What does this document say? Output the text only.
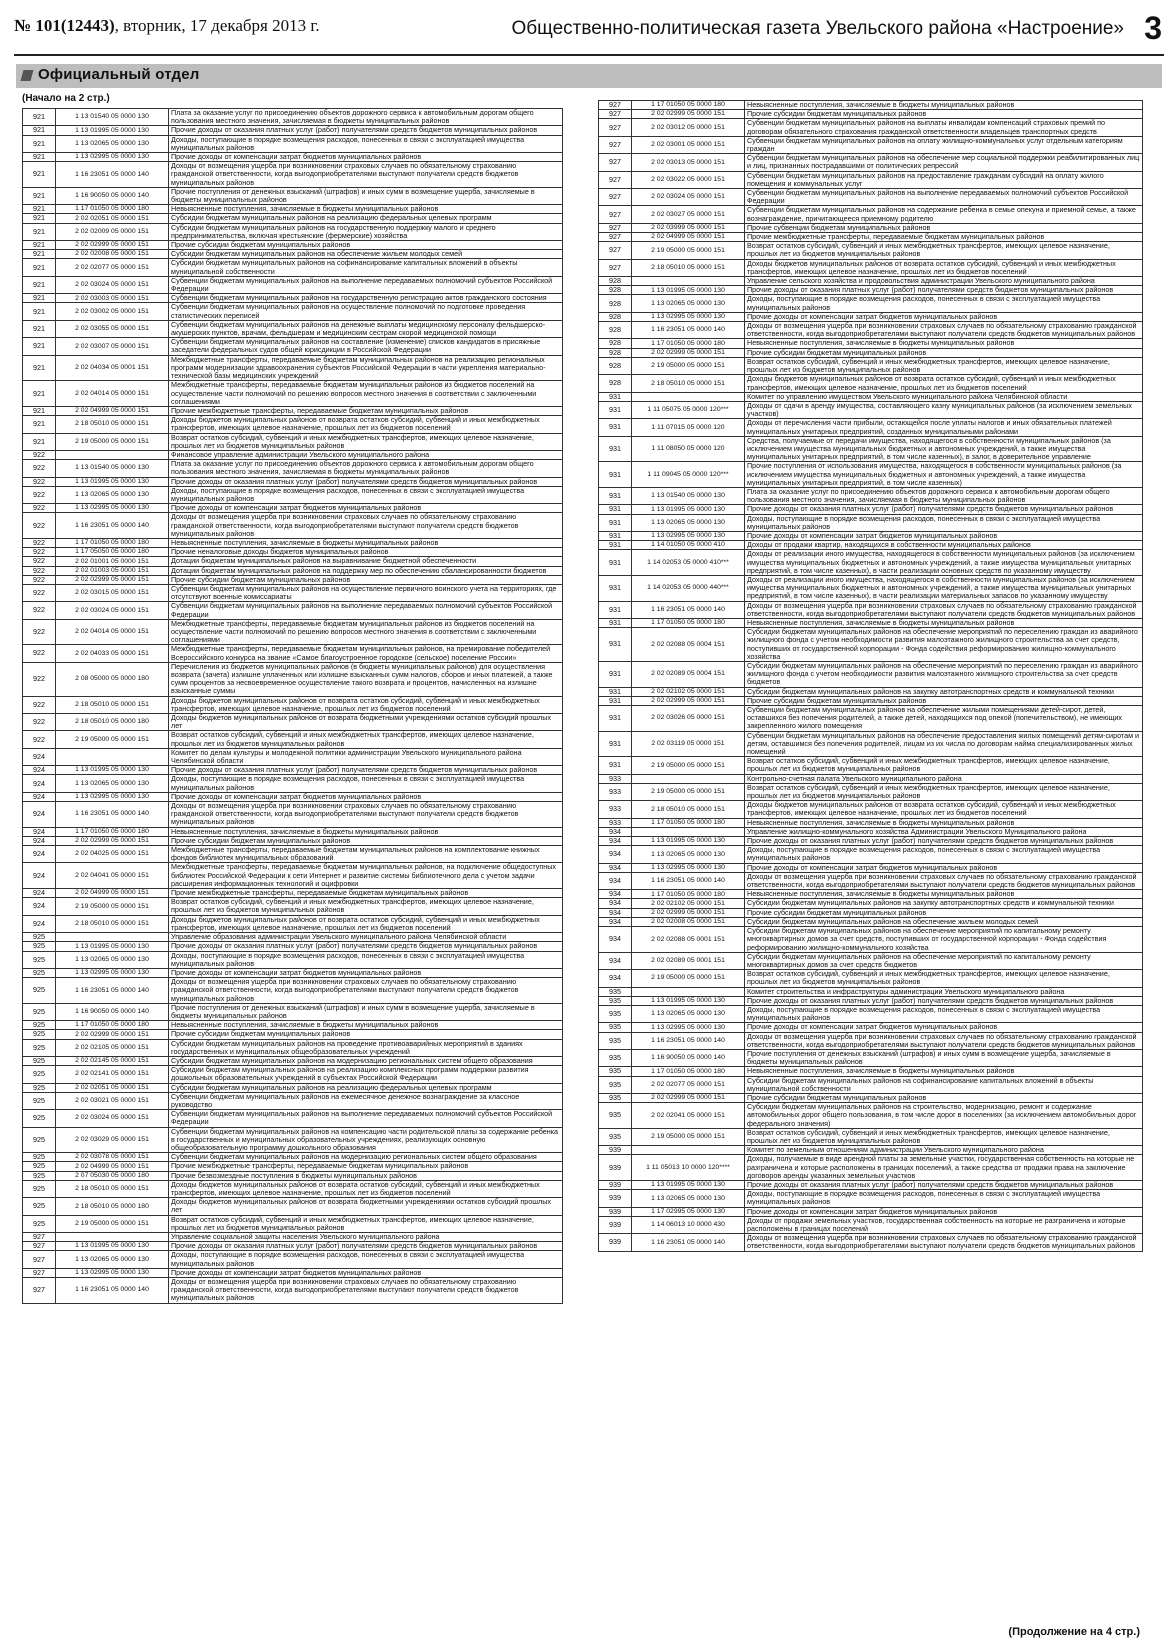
№ 101(12443), вторник, 17 декабря 2013 г.	Общественно-политическая газета Увельского района «Настроение» 3
Официальный отдел
(Начало на 2 стр.)
921	1 13 01540 05 0000 130	Плата за оказание услуг по присоединению объектов дорожного сервиса к автомобильным дорогам общего пользования местного значения, зачисляемая в бюджеты муниципальных районов
921	1 13 01995 05 0000 130	Прочие доходы от оказания платных услуг (работ) получателями средств бюджетов муниципальных районов
921	1 13 02065 05 0000 130	Доходы, поступающие в порядке возмещения расходов, понесенных в связи с эксплуатацией имущества муниципальных районов
921	1 13 02995 05 0000 130	Прочие доходы от компенсации затрат бюджетов муниципальных районов
921	1 16 23051 05 0000 140	Доходы от возмещения ущерба при возникновении страховых случаев по обязательному страхованию гражданской ответственности, когда выгодоприобретателями выступают получатели средств бюджетов муниципальных районов
921	1 16 90050 05 0000 140	Прочие поступления от денежных взысканий (штрафов) и иных сумм в возмещение ущерба, зачисляемые в бюджеты муниципальных районов
921	1 17 01050 05 0000 180	Невыясненные поступления, зачисляемые в бюджеты муниципальных районов
921	2 02 02051 05 0000 151	Субсидии бюджетам муниципальных районов на реализацию федеральных целевых программ
921	2 02 02009 05 0000 151	Субсидии бюджетам муниципальных районов на государственную поддержку малого и среднего предпринимательства, включая крестьянские (фермерские) хозяйства
921	2 02 02999 05 0000 151	Прочие субсидии бюджетам муниципальных районов
921	2 02 02008 05 0000 151	Субсидии бюджетам муниципальных районов на обеспечение жильем молодых семей
921	2 02 02077 05 0000 151	Субсидии бюджетам муниципальных районов на софинансирование капитальных вложений в объекты муниципальной собственности
921	2 02 03024 05 0000 151	Субвенции бюджетам муниципальных районов на выполнение передаваемых полномочий субъектов Российской Федерации
921	2 02 03003 05 0000 151	Субвенции бюджетам муниципальных районов на государственную регистрацию актов гражданского состояния
921	2 02 03002 05 0000 151	Субвенции бюджетам муниципальных районов на осуществление полномочий по подготовке проведения статистических переписей
921	2 02 03055 05 0000 151	Субвенции бюджетам муниципальных районов на денежные выплаты медицинскому персоналу фельдшерско-акушерских пунктов, врачам, фельдшерам и медицинским сестрам скорой медицинской помощи
921	2 02 03007 05 0000 151	Субвенции бюджетам муниципальных районов на составление (изменение) списков кандидатов в присяжные заседатели федеральных судов общей юрисдикции в Российской Федерации
921	2 02 04034 05 0001 151	Межбюджетные трансферты, передаваемые бюджетам муниципальных районов на реализацию региональных программ модернизации здравоохранения субъектов Российской Федерации в части укрепления материально-технической базы медицинских учреждений
921	2 02 04014 05 0000 151	Межбюджетные трансферты, передаваемые бюджетам муниципальных районов из бюджетов поселений на осуществление части полномочий по решению вопросов местного значения в соответствии с заключенными соглашениями
921	2 02 04999 05 0000 151	Прочие межбюджетные трансферты, передаваемые бюджетам муниципальных районов
921	2 18 05010 05 0000 151	Доходы бюджетов муниципальных районов от возврата остатков субсидий, субвенций и иных межбюджетных трансфертов, имеющих целевое назначение, прошлых лет из бюджетов поселений
921	2 19 05000 05 0000 151	Возврат остатков субсидий, субвенций и иных межбюджетных трансфертов, имеющих целевое назначение, прошлых лет из бюджетов муниципальных районов
922		Финансовое управление администрации Увельского муниципального района
922	1 13 01540 05 0000 130	Плата за оказание услуг по присоединению объектов дорожного сервиса к автомобильным дорогам общего пользования местного значения, зачисляемая в бюджеты муниципальных районов
922	1 13 01995 05 0000 130	Прочие доходы от оказания платных услуг (работ) получателями средств бюджетов муниципальных районов
922	1 13 02065 05 0000 130	Доходы, поступающие в порядке возмещения расходов, понесенных в связи с эксплуатацией имущества муниципальных районов
922	1 13 02995 05 0000 130	Прочие доходы от компенсации затрат бюджетов муниципальных районов
922	1 16 23051 05 0000 140	Доходы от возмещения ущерба при возникновении страховых случаев по обязательному страхованию гражданской ответственности, когда выгодоприобретателями выступают получатели средств бюджетов муниципальных районов
922	1 17 01050 05 0000 180	Невыясненные поступления, зачисляемые в бюджеты муниципальных районов
922	1 17 05050 05 0000 180	Прочие неналоговые доходы бюджетов муниципальных районов
922	2 02 01001 05 0000 151	Дотации бюджетам муниципальных районов на выравнивание бюджетной обеспеченности
922	2 02 01003 05 0000 151	Дотации бюджетам муниципальных районов на поддержку мер по обеспечению сбалансированности бюджетов
922	2 02 02999 05 0000 151	Прочие субсидии бюджетам муниципальных районов
922	2 02 03015 05 0000 151	Субвенции бюджетам муниципальных районов на осуществление первичного воинского учета на территориях, где отсутствуют военные комиссариаты
922	2 02 03024 05 0000 151	Субвенции бюджетам муниципальных районов на выполнение передаваемых полномочий субъектов Российской Федерации
922	2 02 04014 05 0000 151	Межбюджетные трансферты, передаваемые бюджетам муниципальных районов из бюджетов поселений на осуществление части полномочий по решению вопросов местного значения в соответствии с заключенными соглашениями
922	2 02 04033 05 0000 151	Межбюджетные трансферты, передаваемые бюджетам муниципальных районов, на премирование победителей Всероссийского конкурса на звание «Самое благоустроенное городское (сельское) поселение России»
922	2 08 05000 05 0000 180	Перечисления из бюджетов муниципальных районов (в бюджеты муниципальных районов) для осуществления возврата (зачета) излишне уплаченных или излишне взысканных сумм налогов, сборов и иных платежей, а также сумм процентов за несвоевременное осуществление такого возврата и процентов, начисленных на излишне взысканные суммы
922	2 18 05010 05 0000 151	Доходы бюджетов муниципальных районов от возврата остатков субсидий, субвенций и иных межбюджетных трансфертов, имеющих целевое назначение, прошлых лет из бюджетов поселений
922	2 18 05010 05 0000 180	Доходы бюджетов муниципальных районов от возврата бюджетными учреждениями остатков субсидий прошлых лет
922	2 19 05000 05 0000 151	Возврат остатков субсидий, субвенций и иных межбюджетных трансфертов, имеющих целевое назначение, прошлых лет из бюджетов муниципальных районов
924		Комитет по делам культуры и молодежной политики администрации Увельского муниципального района Челябинской области
924	1 13 01995 05 0000 130	Прочие доходы от оказания платных услуг (работ) получателями средств бюджетов муниципальных районов
924	1 13 02065 05 0000 130	Доходы, поступающие в порядке возмещения расходов, понесенных в связи с эксплуатацией имущества муниципальных районов
924	1 13 02995 05 0000 130	Прочие доходы от компенсации затрат бюджетов муниципальных районов
924	1 16 23051 05 0000 140	Доходы от возмещения ущерба при возникновении страховых случаев по обязательному страхованию гражданской ответственности, когда выгодоприобретателями выступают получатели средств бюджетов муниципальных районов
924	1 17 01050 05 0000 180	Невыясненные поступления, зачисляемые в бюджеты муниципальных районов
924	2 02 02999 05 0000 151	Прочие субсидии бюджетам муниципальных районов
924	2 02 04025 05 0000 151	Межбюджетные трансферты, передаваемые бюджетам муниципальных районов на комплектование книжных фондов библиотек муниципальных образований
924	2 02 04041 05 0000 151	Межбюджетные трансферты, передаваемые бюджетам муниципальных районов, на подключение общедоступных библиотек Российской Федерации к сети Интернет и развитие системы библиотечного дела с учетом задачи расширения информационных технологий и оцифровки
924	2 02 04999 05 0000 151	Прочие межбюджетные трансферты, передаваемые бюджетам муниципальных районов
924	2 19 05000 05 0000 151	Возврат остатков субсидий, субвенций и иных межбюджетных трансфертов, имеющих целевое назначение, прошлых лет из бюджетов муниципальных районов
924	2 18 05010 05 0000 151	Доходы бюджетов муниципальных районов от возврата остатков субсидий, субвенций и иных межбюджетных трансфертов, имеющих целевое назначение, прошлых лет из бюджетов поселений
925		Управление образования администрации Увельского муниципального района Челябинской области
925	1 13 01995 05 0000 130	Прочие доходы от оказания платных услуг (работ) получателями средств бюджетов муниципальных районов
925	1 13 02065 05 0000 130	Доходы, поступающие в порядке возмещения расходов, понесенных в связи с эксплуатацией имущества муниципальных районов
925	1 13 02995 05 0000 130	Прочие доходы от компенсации затрат бюджетов муниципальных районов
925	1 16 23051 05 0000 140	Доходы от возмещения ущерба при возникновении страховых случаев по обязательному страхованию гражданской ответственности, когда выгодоприобретателями выступают получатели средств бюджетов муниципальных районов
925	1 16 90050 05 0000 140	Прочие поступления от денежных взысканий (штрафов) и иных сумм в возмещение ущерба, зачисляемые в бюджеты муниципальных районов
925	1 17 01050 05 0000 180	Невыясненные поступления, зачисляемые в бюджеты муниципальных районов
925	2 02 02999 05 0000 151	Прочие субсидии бюджетам муниципальных районов
925	2 02 02105 05 0000 151	Субсидии бюджетам муниципальных районов на проведение противоаварийных мероприятий в зданиях государственных и муниципальных общеобразовательных учреждений
925	2 02 02145 05 0000 151	Субсидии бюджетам муниципальных районов на модернизацию региональных систем общего образования
925	2 02 02141 05 0000 151	Субсидии бюджетам муниципальных районов на реализацию комплексных программ поддержки развития дошкольных образовательных учреждений в субъектах Российской Федерации
925	2 02 02051 05 0000 151	Субсидии бюджетам муниципальных районов на реализацию федеральных целевых программ
925	2 02 03021 05 0000 151	Субвенции бюджетам муниципальных районов на ежемесячное денежное вознаграждение за классное руководство
925	2 02 03024 05 0000 151	Субвенции бюджетам муниципальных районов на выполнение передаваемых полномочий субъектов Российской Федерации
925	2 02 03029 05 0000 151	Субвенции бюджетам муниципальных районов на компенсацию части родительской платы за содержание ребенка в государственных и муниципальных образовательных учреждениях, реализующих основную общеобразовательную программу дошкольного образования
925	2 02 03078 05 0000 151	Субвенции бюджетам муниципальных районов на модернизацию региональных систем общего образования
925	2 02 04999 05 0000 151	Прочие межбюджетные трансферты, передаваемые бюджетам муниципальных районов
925	2 07 05030 05 0000 180	Прочие безвозмездные поступления в бюджеты муниципальных районов
925	2 18 05010 05 0000 151	Доходы бюджетов муниципальных районов от возврата остатков субсидий, субвенций и иных межбюджетных трансфертов, имеющих целевое назначение, прошлых лет из бюджетов поселений
925	2 18 05010 05 0000 180	Доходы бюджетов муниципальных районов от возврата бюджетными учреждениями остатков субсидий прошлых лет
925	2 19 05000 05 0000 151	Возврат остатков субсидий, субвенций и иных межбюджетных трансфертов, имеющих целевое назначение, прошлых лет из бюджетов муниципальных районов
927		Управление социальной защиты населения Увельского муниципального района
927	1 13 01995 05 0000 130	Прочие доходы от оказания платных услуг (работ) получателями средств бюджетов муниципальных районов
927	1 13 02065 05 0000 130	Доходы, поступающие в порядке возмещения расходов, понесенных в связи с эксплуатацией имущества муниципальных районов
927	1 13 02995 05 0000 130	Прочие доходы от компенсации затрат бюджетов муниципальных районов
927	1 16 23051 05 0000 140	Доходы от возмещения ущерба при возникновении страховых случаев по обязательному страхованию гражданской ответственности, когда выгодоприобретателями выступают получатели средств бюджетов муниципальных районов
927	1 17 01050 05 0000 180	Невыясненные поступления, зачисляемые в бюджеты муниципальных районов
927	2 02 02999 05 0000 151	Прочие субсидии бюджетам муниципальных районов
927	2 02 03012 05 0000 151	Субвенции бюджетам муниципальных районов на выплаты инвалидам компенсаций страховых премий по договорам обязательного страхования гражданской ответственности владельцев транспортных средств
927	2 02 03001 05 0000 151	Субвенции бюджетам муниципальных районов на оплату жилищно-коммунальных услуг отдельным категориям граждан
927	2 02 03013 05 0000 151	Субвенции бюджетам муниципальных районов на обеспечение мер социальной поддержки реабилитированных лиц и лиц, признанных пострадавшими от политических репрессий
927	2 02 03022 05 0000 151	Субвенции бюджетам муниципальных районов на предоставление гражданам субсидий на оплату жилого помещения и коммунальных услуг
927	2 02 03024 05 0000 151	Субвенции бюджетам муниципальных районов на выполнение передаваемых полномочий субъектов Российской Федерации
927	2 02 03027 05 0000 151	Субвенции бюджетам муниципальных районов на содержание ребенка в семье опекуна и приемной семье, а также вознаграждение, причитающееся приемному родителю
927	2 02 03999 05 0000 151	Прочие субвенции бюджетам муниципальных районов
927	2 02 04999 05 0000 151	Прочие межбюджетные трансферты, передаваемые бюджетам муниципальных районов
927	2 19 05000 05 0000 151	Возврат остатков субсидий, субвенций и иных межбюджетных трансфертов, имеющих целевое назначение, прошлых лет из бюджетов муниципальных районов
927	2 18 05010 05 0000 151	Доходы бюджетов муниципальных районов от возврата остатков субсидий, субвенций и иных межбюджетных трансфертов, имеющих целевое назначение, прошлых лет из бюджетов поселений
928		Управление сельского хозяйства и продовольствия администрации Увельского муниципального района
928	1 13 01995 05 0000 130	Прочие доходы от оказания платных услуг (работ) получателями средств бюджетов муниципальных районов
928	1 13 02065 05 0000 130	Доходы, поступающие в порядке возмещения расходов, понесенных в связи с эксплуатацией имущества муниципальных районов
928	1 13 02995 05 0000 130	Прочие доходы от компенсации затрат бюджетов муниципальных районов
928	1 16 23051 05 0000 140	Доходы от возмещения ущерба при возникновении страховых случаев по обязательному страхованию гражданской ответственности, когда выгодоприобретателями выступают получатели средств бюджетов муниципальных районов
928	1 17 01050 05 0000 180	Невыясненные поступления, зачисляемые в бюджеты муниципальных районов
928	2 02 02999 05 0000 151	Прочие субсидии бюджетам муниципальных районов
928	2 19 05000 05 0000 151	Возврат остатков субсидий, субвенций и иных межбюджетных трансфертов, имеющих целевое назначение, прошлых лет из бюджетов муниципальных районов
928	2 18 05010 05 0000 151	Доходы бюджетов муниципальных районов от возврата остатков субсидий, субвенций и иных межбюджетных трансфертов, имеющих целевое назначение, прошлых лет из бюджетов поселений
931		Комитет по управлению имуществом Увельского муниципального района Челябинской области
931	1 11 05075 05 0000 120***	Доходы от сдачи в аренду имущества, составляющего казну муниципальных районов (за исключением земельных участков)
931	1 11 07015 05 0000 120	Доходы от перечисления части прибыли, остающейся после уплаты налогов и иных обязательных платежей муниципальных унитарных предприятий, созданных муниципальными районами
931	1 11 08050 05 0000 120	Средства, получаемые от передачи имущества, находящегося в собственности муниципальных районов (за исключением имущества муниципальных бюджетных и автономных учреждений, а также имущества муниципальных унитарных предприятий, в том числе казенных), в залог, в доверительное управление
931	1 11 09045 05 0000 120***	Прочие поступления от использования имущества, находящегося в собственности муниципальных районов (за исключением имущества муниципальных бюджетных и автономных учреждений, а также имущества муниципальных унитарных предприятий, в том числе казенных)
931	1 13 01540 05 0000 130	Плата за оказание услуг по присоединению объектов дорожного сервиса к автомобильным дорогам общего пользования местного значения, зачисляемая в бюджеты муниципальных районов
931	1 13 01995 05 0000 130	Прочие доходы от оказания платных услуг (работ) получателями средств бюджетов муниципальных районов
931	1 13 02065 05 0000 130	Доходы, поступающие в порядке возмещения расходов, понесенных в связи с эксплуатацией имущества муниципальных районов
931	1 13 02995 05 0000 130	Прочие доходы от компенсации затрат бюджетов муниципальных районов
931	1 14 01050 05 0000 410	Доходы от продажи квартир, находящихся в собственности муниципальных районов
931	1 14 02053 05 0000 410***	Доходы от реализации иного имущества, находящегося в собственности муниципальных районов (за исключением имущества муниципальных бюджетных и автономных учреждений, а также имущества муниципальных унитарных предприятий, в том числе казенных), в части реализации основных средств по указанному имуществу
931	1 14 02053 05 0000 440***	Доходы от реализации иного имущества, находящегося в собственности муниципальных районов (за исключением имущества муниципальных бюджетных и автономных учреждений, а также имущества муниципальных унитарных предприятий, в том числе казенных), в части реализации материальных запасов по указанному имуществу
931	1 16 23051 05 0000 140	Доходы от возмещения ущерба при возникновении страховых случаев по обязательному страхованию гражданской ответственности, когда выгодоприобретателями выступают получатели средств бюджетов муниципальных районов
931	1 17 01050 05 0000 180	Невыясненные поступления, зачисляемые в бюджеты муниципальных районов
931	2 02 02088 05 0004 151	Субсидии бюджетам муниципальных районов на обеспечение мероприятий по переселению граждан из аварийного жилищного фонда с учетом необходимости развития малоэтажного жилищного строительства за счет средств, поступивших от государственной корпорации - Фонда содействия реформированию жилищно-коммунального хозяйства
931	2 02 02089 05 0004 151	Субсидии бюджетам муниципальных районов на обеспечение мероприятий по переселению граждан из аварийного жилищного фонда с учетом необходимости развития малоэтажного жилищного строительства за счет средств бюджетов
931	2 02 02102 05 0000 151	Субсидии бюджетам муниципальных районов на закупку автотранспортных средств и коммунальной техники
931	2 02 02999 05 0000 151	Прочие субсидии бюджетам муниципальных районов
931	2 02 03026 05 0000 151	Субвенции бюджетам муниципальных районов на обеспечение жилыми помещениями детей-сирот, детей, оставшихся без попечения родителей, а также детей, находящихся под опекой (попечительством), не имеющих закрепленного жилого помещения
931	2 02 03119 05 0000 151	Субвенции бюджетам муниципальных районов на обеспечение предоставления жилых помещений детям-сиротам и детям, оставшимся без попечения родителей, лицам из их числа по договорам найма специализированных жилых помещений
931	2 19 05000 05 0000 151	Возврат остатков субсидий, субвенций и иных межбюджетных трансфертов, имеющих целевое назначение, прошлых лет из бюджетов муниципальных районов
933		Контрольно-счетная палата Увельского муниципального района
933	2 19 05000 05 0000 151	Возврат остатков субсидий, субвенций и иных межбюджетных трансфертов, имеющих целевое назначение, прошлых лет из бюджетов муниципальных районов
933	2 18 05010 05 0000 151	Доходы бюджетов муниципальных районов от возврата остатков субсидий, субвенций и иных межбюджетных трансфертов, имеющих целевое назначение, прошлых лет из бюджетов поселений
933	1 17 01050 05 0000 180	Невыясненные поступления, зачисляемые в бюджеты муниципальных районов
934		Управление жилищно-коммунального хозяйства Администрации Увельского Муниципального района
934	1 13 01995 05 0000 130	Прочие доходы от оказания платных услуг (работ) получателями средств бюджетов муниципальных районов
934	1 13 02065 05 0000 130	Доходы, поступающие в порядке возмещения расходов, понесенных в связи с эксплуатацией имущества муниципальных районов
934	1 13 02995 05 0000 130	Прочие доходы от компенсации затрат бюджетов муниципальных районов
934	1 16 23051 05 0000 140	Доходы от возмещения ущерба при возникновении страховых случаев по обязательному страхованию гражданской ответственности, когда выгодоприобретателями выступают получатели средств бюджетов муниципальных районов
934	1 17 01050 05 0000 180	Невыясненные поступления, зачисляемые в бюджеты муниципальных районов
934	2 02 02102 05 0000 151	Субсидии бюджетам муниципальных районов на закупку автотранспортных средств и коммунальной техники
934	2 02 02999 05 0000 151	Прочие субсидии бюджетам муниципальных районов
934	2 02 02008 05 0000 151	Субсидии бюджетам муниципальных районов на обеспечение жильем молодых семей
934	2 02 02088 05 0001 151	Субсидии бюджетам муниципальных районов на обеспечение мероприятий по капитальному ремонту многоквартирных домов за счет средств, поступивших от государственной корпорации - Фонда содействия реформированию жилищно-коммунального хозяйства
934	2 02 02089 05 0001 151	Субсидии бюджетам муниципальных районов на обеспечение мероприятий по капитальному ремонту многоквартирных домов за счет средств бюджетов
934	2 19 05000 05 0000 151	Возврат остатков субсидий, субвенций и иных межбюджетных трансфертов, имеющих целевое назначение, прошлых лет из бюджетов муниципальных районов
935		Комитет строительства и инфраструктуры администрации Увельского муниципального района
935	1 13 01995 05 0000 130	Прочие доходы от оказания платных услуг (работ) получателями средств бюджетов муниципальных районов
935	1 13 02065 05 0000 130	Доходы, поступающие в порядке возмещения расходов, понесенных в связи с эксплуатацией имущества муниципальных районов
935	1 13 02995 05 0000 130	Прочие доходы от компенсации затрат бюджетов муниципальных районов
935	1 16 23051 05 0000 140	Доходы от возмещения ущерба при возникновении страховых случаев по обязательному страхованию гражданской ответственности, когда выгодоприобретателями выступают получатели средств бюджетов муниципальных районов
935	1 16 90050 05 0000 140	Прочие поступления от денежных взысканий (штрафов) и иных сумм в возмещение ущерба, зачисляемые в бюджеты муниципальных районов
935	1 17 01050 05 0000 180	Невыясненные поступления, зачисляемые в бюджеты муниципальных районов
935	2 02 02077 05 0000 151	Субсидии бюджетам муниципальных районов на софинансирование капитальных вложений в объекты муниципальной собственности
935	2 02 02999 05 0000 151	Прочие субсидии бюджетам муниципальных районов
935	2 02 02041 05 0000 151	Субсидии бюджетам муниципальных районов на строительство, модернизацию, ремонт и содержание автомобильных дорог общего пользования, в том числе дорог в поселениях (за исключением автомобильных дорог федерального значения)
935	2 19 05000 05 0000 151	Возврат остатков субсидий, субвенций и иных межбюджетных трансфертов, имеющих целевое назначение, прошлых лет из бюджетов муниципальных районов
939		Комитет по земельным отношениям администрации Увельского муниципального района
939	1 11 05013 10 0000 120****	Доходы, получаемые в виде арендной платы за земельные участки, государственная собственность на которые не разграничена и которые расположены в границах поселений, а также средства от продажи права на заключение договоров аренды указанных земельных участков
939	1 13 01995 05 0000 130	Прочие доходы от оказания платных услуг (работ) получателями средств бюджетов муниципальных районов
939	1 13 02065 05 0000 130	Доходы, поступающие в порядке возмещения расходов, понесенных в связи с эксплуатацией имущества муниципальных районов
939	1 17 02995 05 0000 130	Прочие доходы от компенсации затрат бюджетов муниципальных районов
939	1 14 06013 10 0000 430	Доходы от продажи земельных участков, государственная собственность на которые не разграничена и которые расположены в границах поселений
939	1 16 23051 05 0000 140	Доходы от возмещения ущерба при возникновении страховых случаев по обязательному страхованию гражданской ответственности, когда выгодоприобретателями выступают получатели средств бюджетов муниципальных районов
(Продолжение на 4 стр.)
